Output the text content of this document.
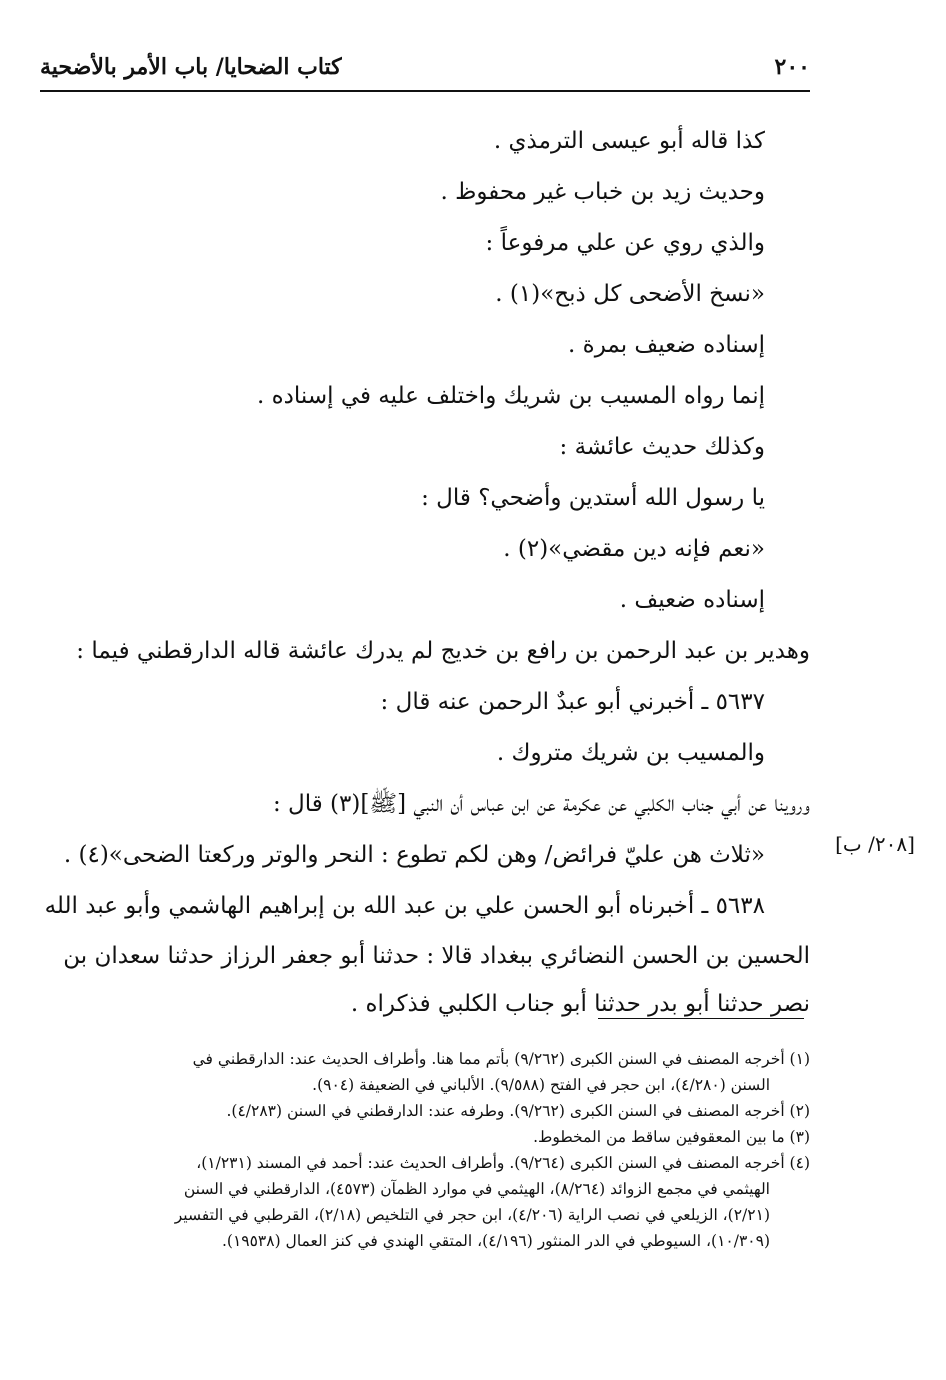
٢٠٠
كتاب الضحايا/ باب الأمر بالأضحية
كذا قاله أبو عيسى الترمذي .
وحديث زيد بن خباب غير محفوظ .
والذي روي عن علي مرفوعاً :
«نسخ الأضحى كل ذبح»(١) .
إسناده ضعيف بمرة .
إنما رواه المسيب بن شريك واختلف عليه في إسناده .
وكذلك حديث عائشة :
يا رسول الله أستدين وأضحي؟ قال :
«نعم فإنه دين مقضي»(٢) .
إسناده ضعيف .
وهدير بن عبد الرحمن بن رافع بن خديج لم يدرك عائشة قاله الدارقطني فيما :
٥٦٣٧ ـ أخبرني أبو عبدٌ الرحمن عنه قال :
والمسيب بن شريك متروك .
وروينا عن أبي جناب الكلبي عن عكرمة عن ابن عباس أن النبي [ﷺ](٣) قال :
«ثلاث هن عليّ فرائض/ وهن لكم تطوع : النحر والوتر وركعتا الضحى»(٤) .
٥٦٣٨ ـ أخبرناه أبو الحسن علي بن عبد الله بن إبراهيم الهاشمي وأبو عبد الله
الحسين بن الحسن النضائري ببغداد قالا : حدثنا أبو جعفر الرزاز حدثنا سعدان بن
نصر حدثنا أبو بدر حدثنا أبو جناب الكلبي فذكراه .
[٢٠٨/ ب]
(١) أخرجه المصنف في السنن الكبرى (٩/٢٦٢) بأتم مما هنا. وأطراف الحديث عند: الدارقطني في
السنن (٤/٢٨٠)، ابن حجر في الفتح (٩/٥٨٨). الألباني في الضعيفة (٩٠٤).
(٢) أخرجه المصنف في السنن الكبرى (٩/٢٦٢). وطرفه عند: الدارقطني في السنن (٤/٢٨٣).
(٣) ما بين المعقوفين ساقط من المخطوط.
(٤) أخرجه المصنف في السنن الكبرى (٩/٢٦٤). وأطراف الحديث عند: أحمد في المسند (١/٢٣١)،
الهيثمي في مجمع الزوائد (٨/٢٦٤)، الهيثمي في موارد الظمآن (٤٥٧٣)، الدارقطني في السنن
(٢/٢١)، الزيلعي في نصب الراية (٤/٢٠٦)، ابن حجر في التلخيص (٢/١٨)، القرطبي في التفسير
(١٠/٣٠٩)، السيوطي في الدر المنثور (٤/١٩٦)، المتقي الهندي في كنز العمال (١٩٥٣٨).
